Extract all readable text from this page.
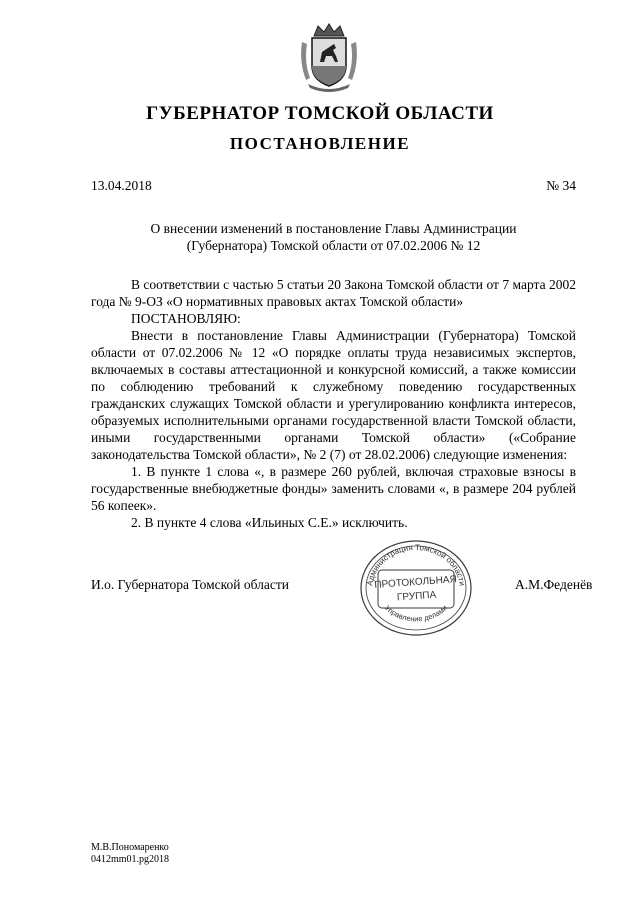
ГУБЕРНАТОР ТОМСКОЙ ОБЛАСТИ
ПОСТАНОВЛЕНИЕ
13.04.2018	№ 34
О внесении изменений в постановление Главы Администрации
(Губернатора) Томской области от 07.02.2006 № 12

В соответствии с частью 5 статьи 20 Закона Томской области от 7 марта 2002 года № 9-ОЗ «О нормативных правовых актах Томской области»

ПОСТАНОВЛЯЮ:

Внести в постановление Главы Администрации (Губернатора) Томской области от 07.02.2006 № 12 «О порядке оплаты труда независимых экспертов, включаемых в составы аттестационной и конкурсной комиссий, а также комиссии по соблюдению требований к служебному поведению государственных гражданских служащих Томской области и урегулированию конфликта интересов, образуемых исполнительными органами государственной власти Томской области, иными государственными органами Томской области» («Собрание законодательства Томской области», № 2 (7) от 28.02.2006) следующие изменения:

1. В пункте 1 слова «, в размере 260 рублей, включая страховые взносы в государственные внебюджетные фонды» заменить словами «, в размере 204 рублей 56 копеек».

2. В пункте 4 слова «Ильиных С.Е.» исключить.

И.о. Губернатора Томской области	А.М.Феденёв
Администрация Томской области
ПРОТОКОЛЬНАЯ
ГРУППА
Управление делами
М.В.Пономаренко
0412mm01.pg2018
